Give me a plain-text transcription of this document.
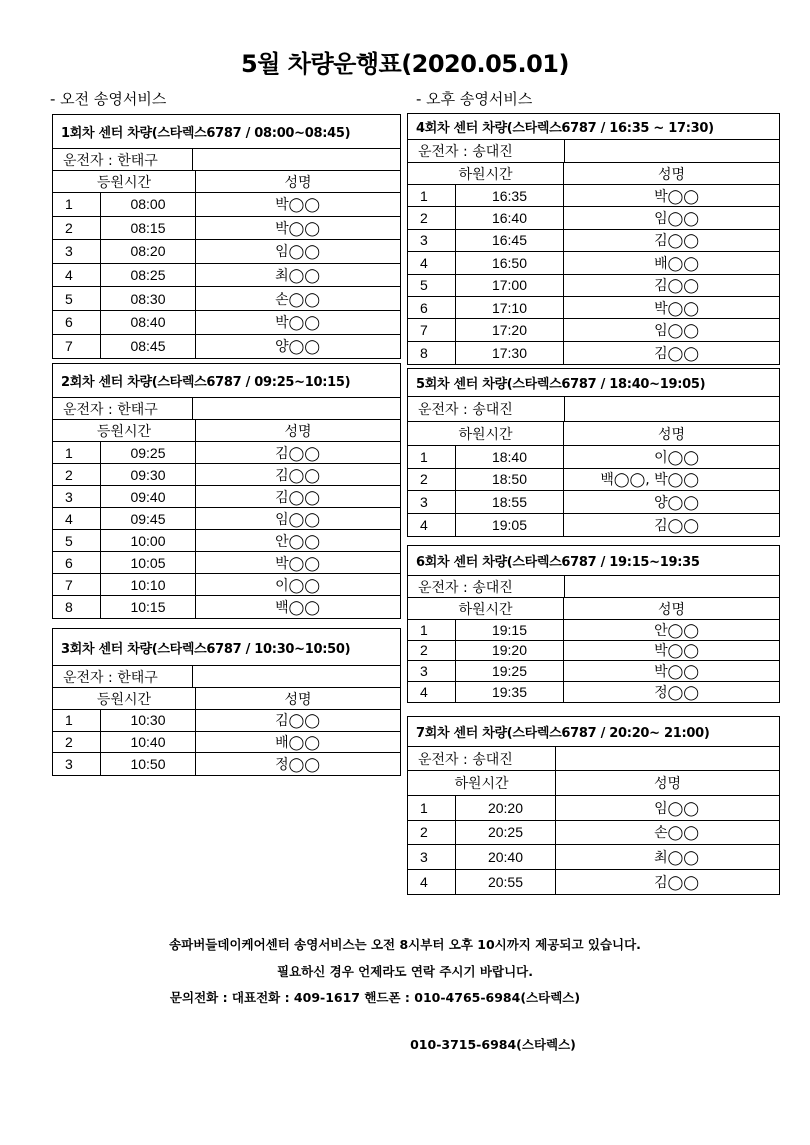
5월 차량운행표(2020.05.01)
- 오전 송영서비스	- 오후 송영서비스
1회차 센터 차량(스타렉스6787 / 08:00~08:45)
운전자 : 한태구
등원시간	성명
1	08:00	박◯◯
2	08:15	박◯◯
3	08:20	임◯◯
4	08:25	최◯◯
5	08:30	손◯◯
6	08:40	박◯◯
7	08:45	양◯◯
2회차 센터 차량(스타렉스6787 / 09:25~10:15)
운전자 : 한태구
등원시간	성명
1	09:25	김◯◯
2	09:30	김◯◯
3	09:40	김◯◯
4	09:45	임◯◯
5	10:00	안◯◯
6	10:05	박◯◯
7	10:10	이◯◯
8	10:15	백◯◯
3회차 센터 차량(스타렉스6787 / 10:30~10:50)
운전자 : 한태구
등원시간	성명
1	10:30	김◯◯
2	10:40	배◯◯
3	10:50	정◯◯
4회차 센터 차량(스타렉스6787 / 16:35 ~ 17:30)
운전자 : 송대진
하원시간	성명
1	16:35	박◯◯
2	16:40	임◯◯
3	16:45	김◯◯
4	16:50	배◯◯
5	17:00	김◯◯
6	17:10	박◯◯
7	17:20	임◯◯
8	17:30	김◯◯
5회차 센터 차량(스타렉스6787 / 18:40~19:05)
운전자 : 송대진
하원시간	성명
1	18:40	이◯◯
2	18:50	백◯◯, 박◯◯
3	18:55	양◯◯
4	19:05	김◯◯
6회차 센터 차량(스타렉스6787 / 19:15~19:35
운전자 : 송대진
하원시간	성명
1	19:15	안◯◯
2	19:20	박◯◯
3	19:25	박◯◯
4	19:35	정◯◯
7회차 센터 차량(스타렉스6787 / 20:20~ 21:00)
운전자 : 송대진
하원시간	성명
1	20:20	임◯◯
2	20:25	손◯◯
3	20:40	최◯◯
4	20:55	김◯◯
송파버들데이케어센터 송영서비스는 오전 8시부터 오후 10시까지 제공되고 있습니다.
필요하신 경우 언제라도 연락 주시기 바랍니다.
문의전화 : 대표전화 : 409-1617 핸드폰 : 010-4765-6984(스타렉스)
010-3715-6984(스타렉스)
